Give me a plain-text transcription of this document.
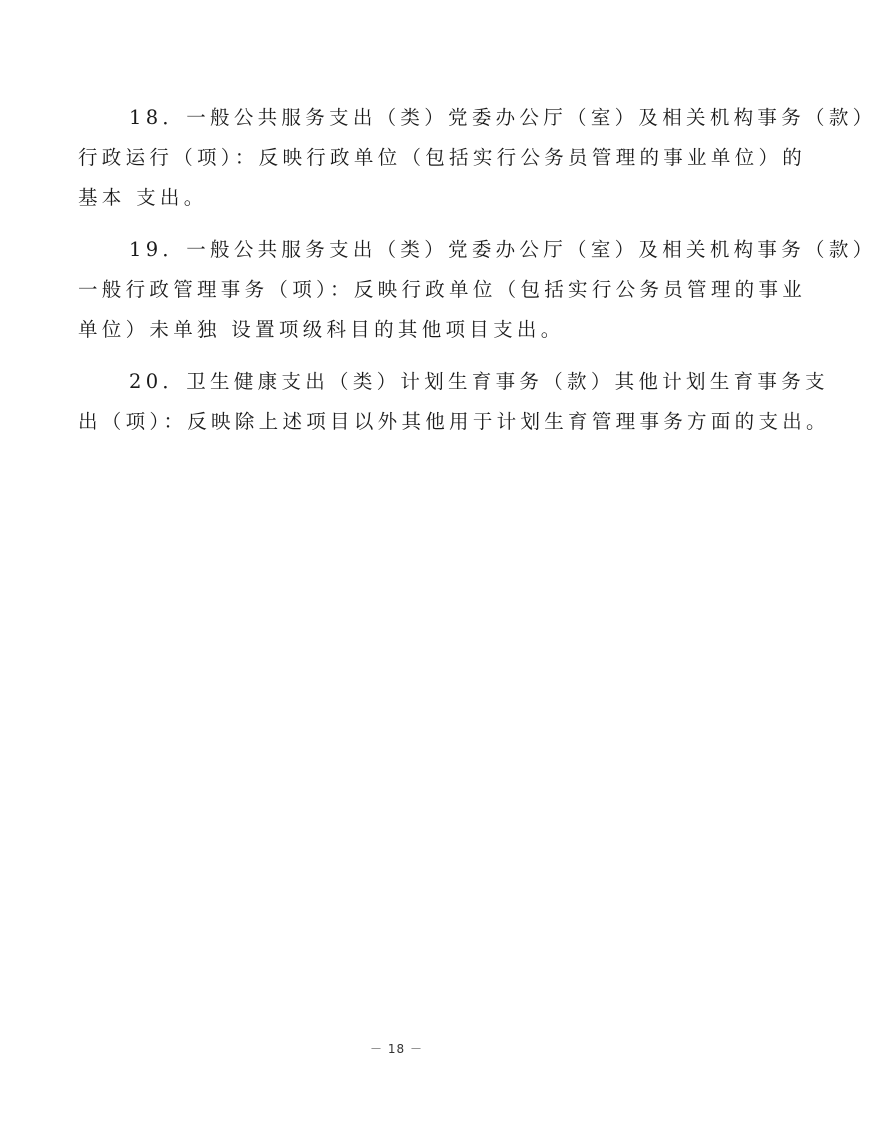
18．一般公共服务支出（类）党委办公厅（室）及相关机构事务（款）
行政运行（项）：反映行政单位（包括实行公务员管理的事业单位）的
基本 支出。

19．一般公共服务支出（类）党委办公厅（室）及相关机构事务（款）
一般行政管理事务（项）：反映行政单位（包括实行公务员管理的事业
单位）未单独 设置项级科目的其他项目支出。

20．卫生健康支出（类）计划生育事务（款）其他计划生育事务支
出（项）：反映除上述项目以外其他用于计划生育管理事务方面的支出。

－ 18 －
